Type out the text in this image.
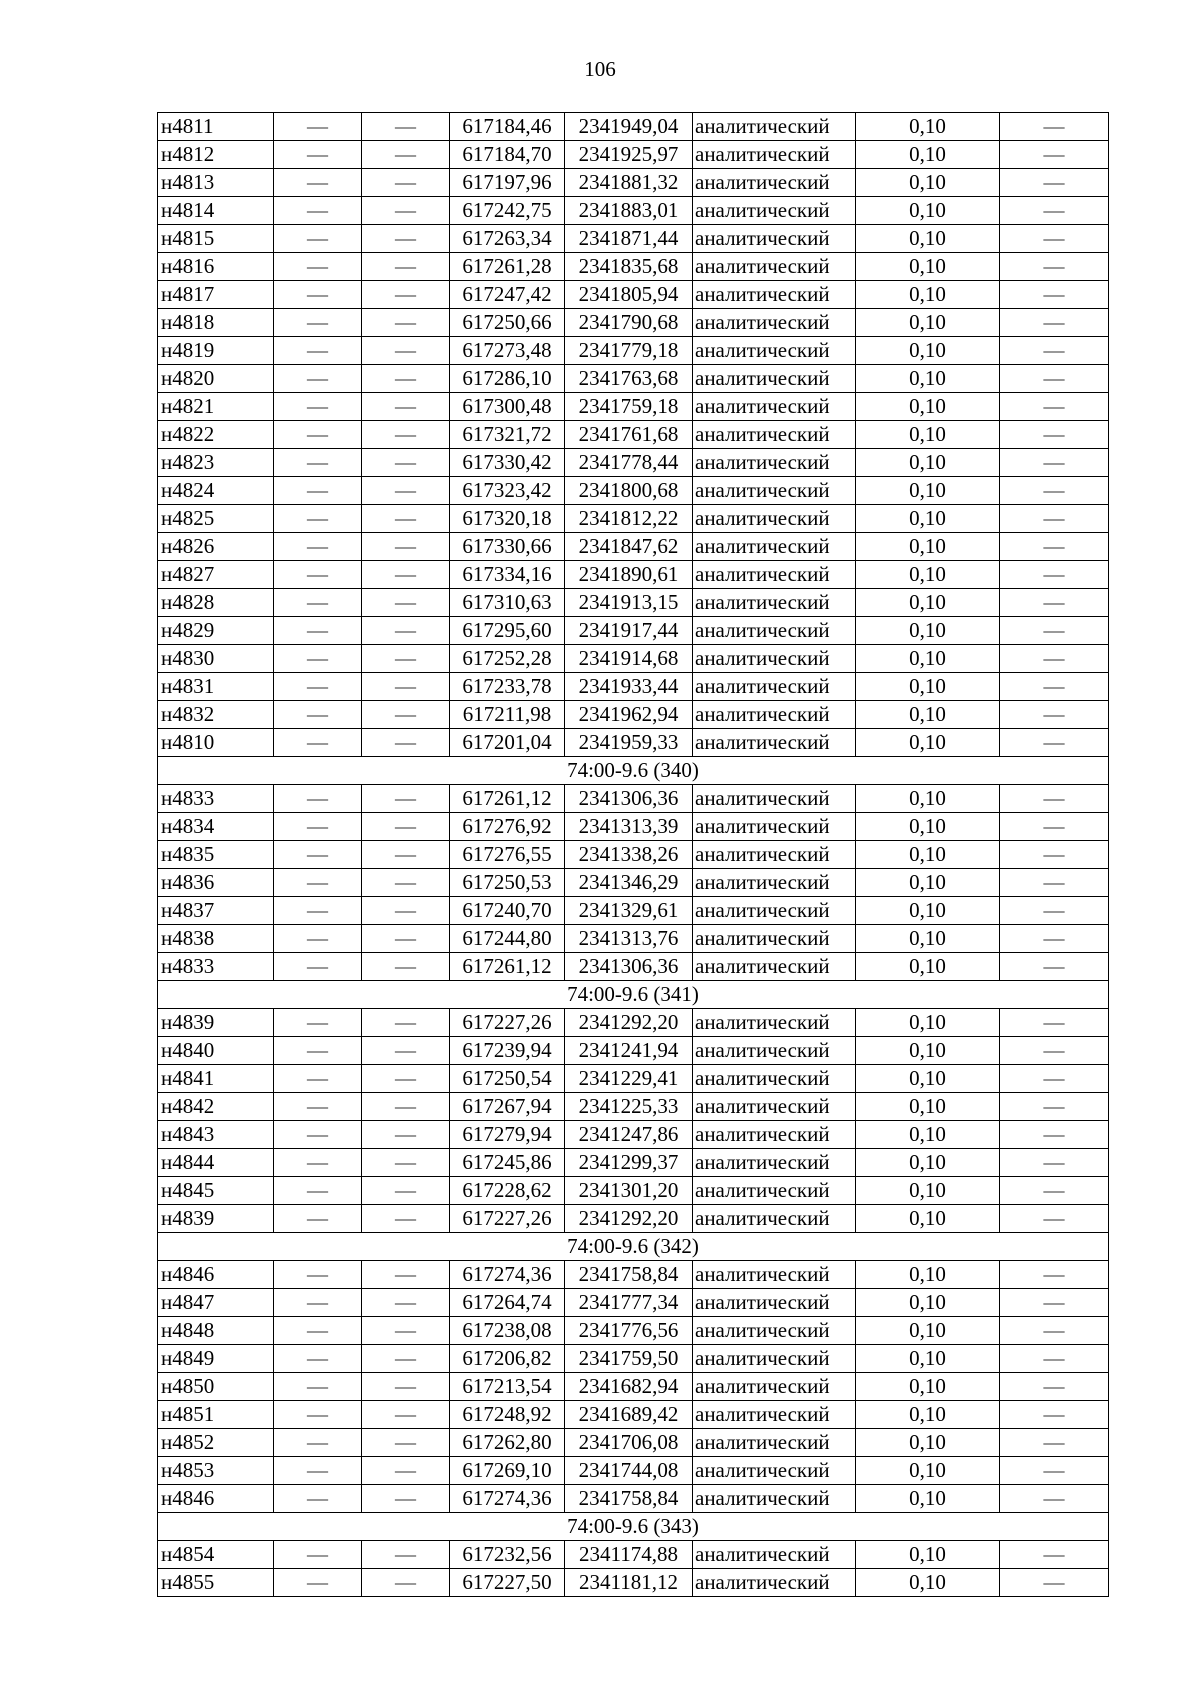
106
н4811	—	—	617184,46	2341949,04	аналитический	0,10	—
н4812	—	—	617184,70	2341925,97	аналитический	0,10	—
н4813	—	—	617197,96	2341881,32	аналитический	0,10	—
н4814	—	—	617242,75	2341883,01	аналитический	0,10	—
н4815	—	—	617263,34	2341871,44	аналитический	0,10	—
н4816	—	—	617261,28	2341835,68	аналитический	0,10	—
н4817	—	—	617247,42	2341805,94	аналитический	0,10	—
н4818	—	—	617250,66	2341790,68	аналитический	0,10	—
н4819	—	—	617273,48	2341779,18	аналитический	0,10	—
н4820	—	—	617286,10	2341763,68	аналитический	0,10	—
н4821	—	—	617300,48	2341759,18	аналитический	0,10	—
н4822	—	—	617321,72	2341761,68	аналитический	0,10	—
н4823	—	—	617330,42	2341778,44	аналитический	0,10	—
н4824	—	—	617323,42	2341800,68	аналитический	0,10	—
н4825	—	—	617320,18	2341812,22	аналитический	0,10	—
н4826	—	—	617330,66	2341847,62	аналитический	0,10	—
н4827	—	—	617334,16	2341890,61	аналитический	0,10	—
н4828	—	—	617310,63	2341913,15	аналитический	0,10	—
н4829	—	—	617295,60	2341917,44	аналитический	0,10	—
н4830	—	—	617252,28	2341914,68	аналитический	0,10	—
н4831	—	—	617233,78	2341933,44	аналитический	0,10	—
н4832	—	—	617211,98	2341962,94	аналитический	0,10	—
н4810	—	—	617201,04	2341959,33	аналитический	0,10	—
74:00-9.6 (340)							
н4833	—	—	617261,12	2341306,36	аналитический	0,10	—
н4834	—	—	617276,92	2341313,39	аналитический	0,10	—
н4835	—	—	617276,55	2341338,26	аналитический	0,10	—
н4836	—	—	617250,53	2341346,29	аналитический	0,10	—
н4837	—	—	617240,70	2341329,61	аналитический	0,10	—
н4838	—	—	617244,80	2341313,76	аналитический	0,10	—
н4833	—	—	617261,12	2341306,36	аналитический	0,10	—
74:00-9.6 (341)							
н4839	—	—	617227,26	2341292,20	аналитический	0,10	—
н4840	—	—	617239,94	2341241,94	аналитический	0,10	—
н4841	—	—	617250,54	2341229,41	аналитический	0,10	—
н4842	—	—	617267,94	2341225,33	аналитический	0,10	—
н4843	—	—	617279,94	2341247,86	аналитический	0,10	—
н4844	—	—	617245,86	2341299,37	аналитический	0,10	—
н4845	—	—	617228,62	2341301,20	аналитический	0,10	—
н4839	—	—	617227,26	2341292,20	аналитический	0,10	—
74:00-9.6 (342)							
н4846	—	—	617274,36	2341758,84	аналитический	0,10	—
н4847	—	—	617264,74	2341777,34	аналитический	0,10	—
н4848	—	—	617238,08	2341776,56	аналитический	0,10	—
н4849	—	—	617206,82	2341759,50	аналитический	0,10	—
н4850	—	—	617213,54	2341682,94	аналитический	0,10	—
н4851	—	—	617248,92	2341689,42	аналитический	0,10	—
н4852	—	—	617262,80	2341706,08	аналитический	0,10	—
н4853	—	—	617269,10	2341744,08	аналитический	0,10	—
н4846	—	—	617274,36	2341758,84	аналитический	0,10	—
74:00-9.6 (343)							
н4854	—	—	617232,56	2341174,88	аналитический	0,10	—
н4855	—	—	617227,50	2341181,12	аналитический	0,10	—
